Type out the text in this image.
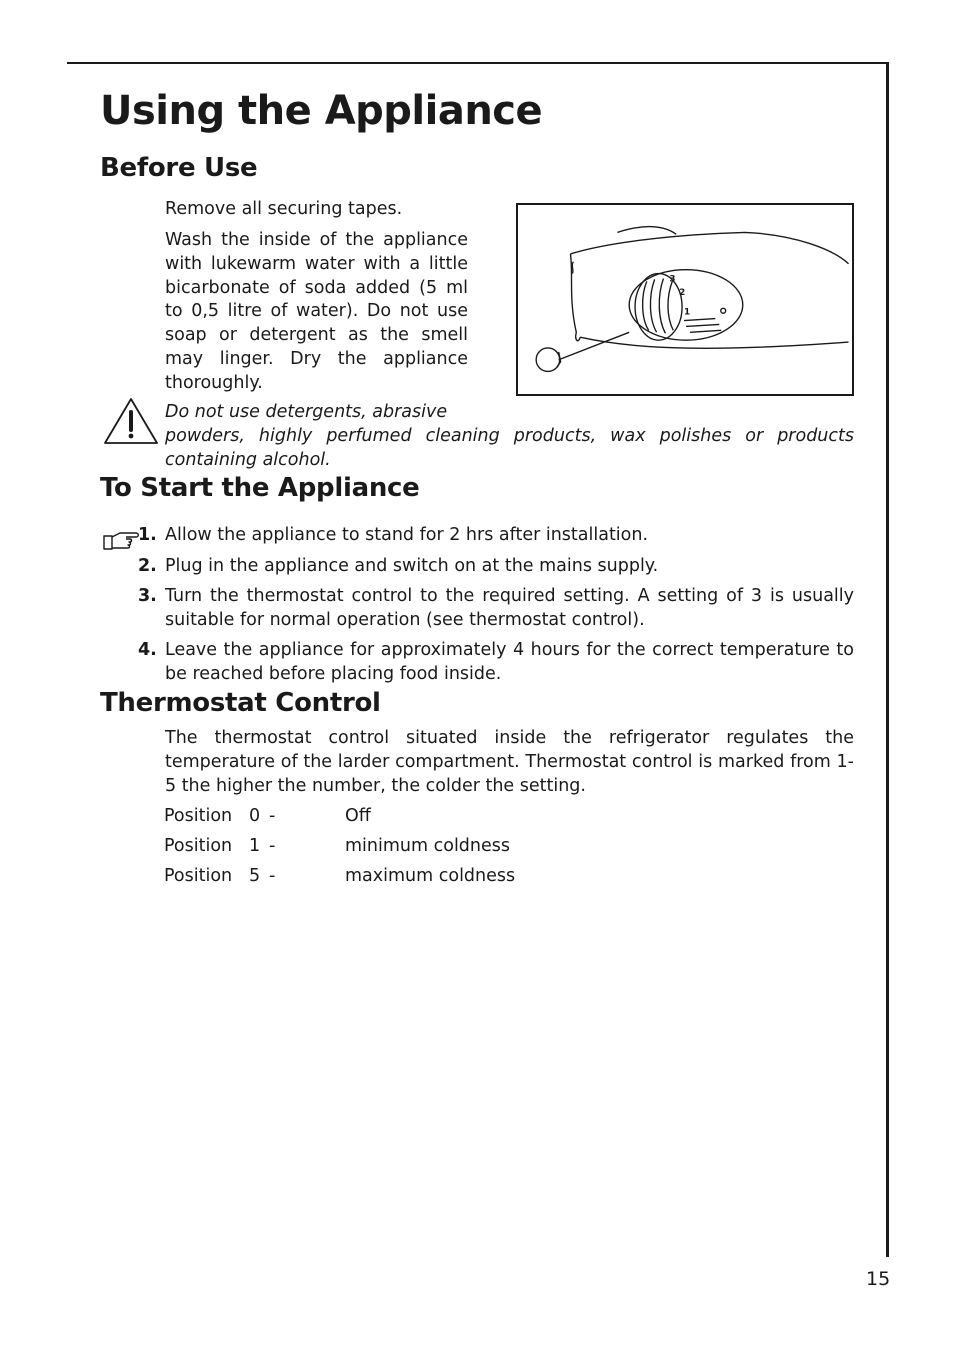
Using the Appliance
Before Use

Remove all securing tapes.

Wash the inside of the appliance with lukewarm water with a little bicarbonate of soda added (5 ml to 0,5 litre of water). Do not use soap or detergent as the smell may linger. Dry the appliance thoroughly.

3
2
1

Do not use detergents, abrasive

powders, highly perfumed cleaning products, wax polishes or products containing alcohol.

To Start the Appliance
1. Allow the appliance to stand for 2 hrs after installation.
2. Plug in the appliance and switch on at the mains supply.
3. Turn the thermostat control to the required setting. A setting of 3 is usually suitable for normal operation (see thermostat control).
4. Leave the appliance for approximately 4 hours for the correct temperature to be reached before placing food inside.
Thermostat Control

The thermostat control situated inside the refrigerator regulates the temperature of the larder compartment. Thermostat control is marked from 1-5 the higher the number, the colder the setting.

Position 0 -	Off
Position 1 -	minimum coldness
Position 5 -	maximum coldness
15
